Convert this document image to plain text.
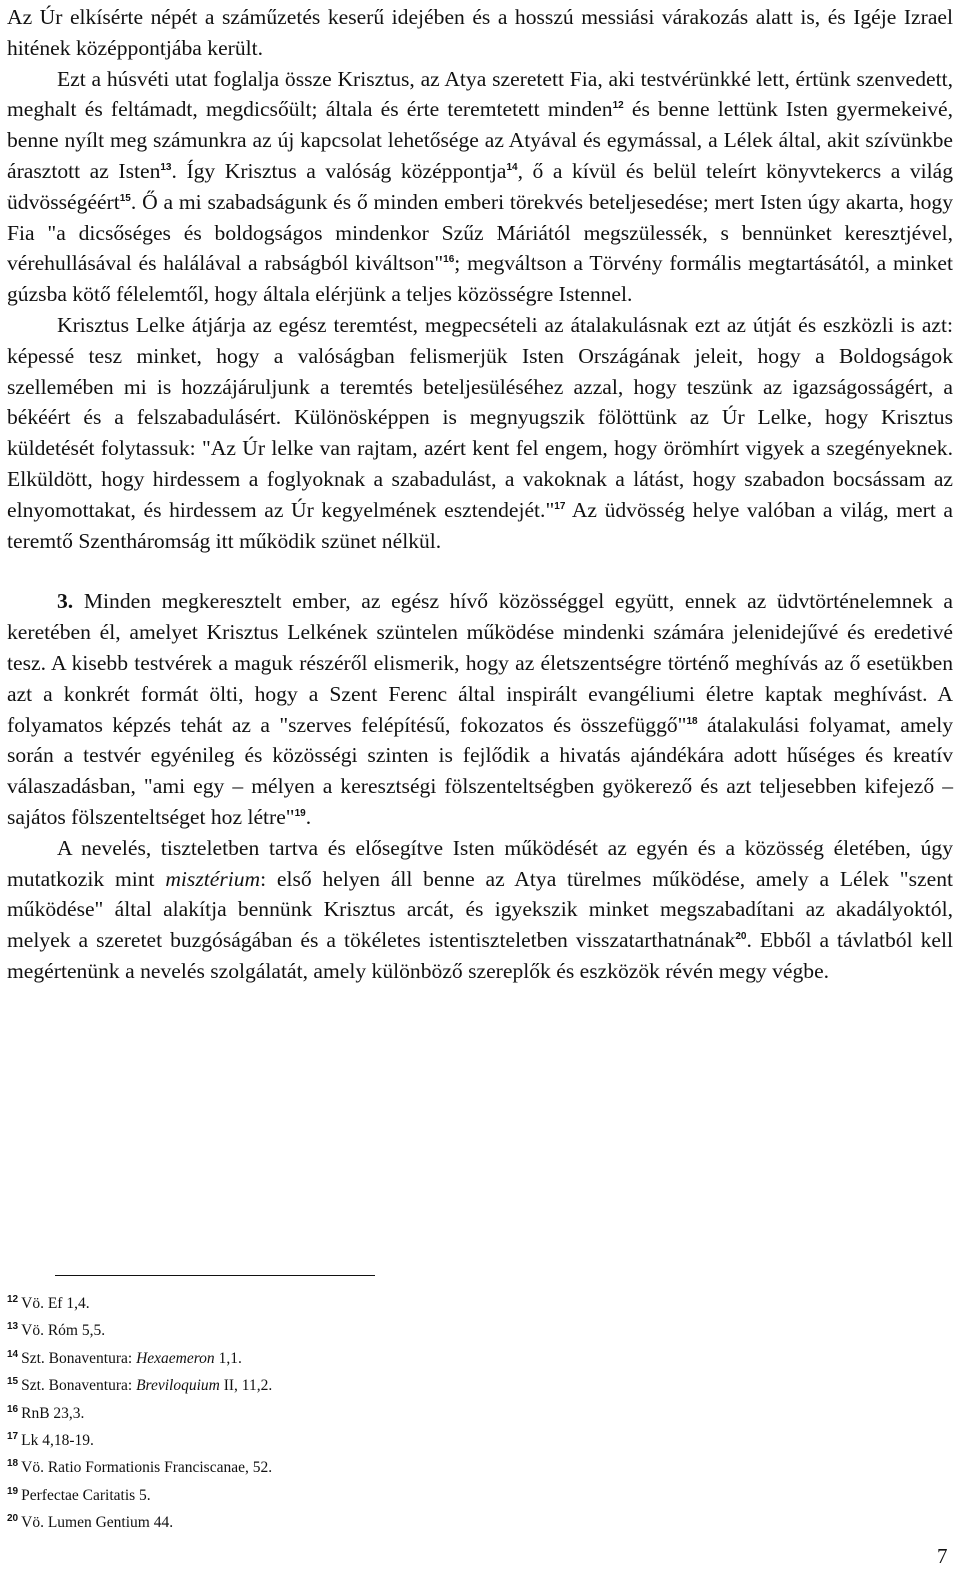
Az Úr elkísérte népét a száműzetés keserű idejében és a hosszú messiási várakozás alatt is, és Igéje Izrael hitének középpontjába került.

Ezt a húsvéti utat foglalja össze Krisztus, az Atya szeretett Fia, aki testvérünkké lett, értünk szenvedett, meghalt és feltámadt, megdicsőült; általa és érte teremtetett minden$^{12}$ és benne lettünk Isten gyermekeivé, benne nyílt meg számunkra az új kapcsolat lehetősége az Atyával és egymással, a Lélek által, akit szívünkbe árasztott az Isten$^{13}$. Így Krisztus a valóság középpontja$^{14}$, ő a kívül és belül teleírt könyvtekercs a világ üdvösségéért$^{15}$. Ő a mi szabadságunk és ő minden emberi törekvés beteljesedése; mert Isten úgy akarta, hogy Fia "a dicsőséges és boldogságos mindenkor Szűz Máriától megszülessék, s bennünket keresztjével, vérehullásával és halálával a rabságból kiváltson"$^{16}$; megváltson a Törvény formális megtartásától, a minket gúzsba kötő félelemtől, hogy általa elérjünk a teljes közösségre Istennel.

Krisztus Lelke átjárja az egész teremtést, megpecsételi az átalakulásnak ezt az útját és eszközli is azt: képessé tesz minket, hogy a valóságban felismerjük Isten Országának jeleit, hogy a Boldogságok szellemében mi is hozzájáruljunk a teremtés beteljesüléséhez azzal, hogy teszünk az igazságosságért, a békéért és a felszabadulásért. Különösképpen is megnyugszik fölöttünk az Úr Lelke, hogy Krisztus küldetését folytassuk: "Az Úr lelke van rajtam, azért kent fel engem, hogy örömhírt vigyek a szegényeknek. Elküldött, hogy hirdessem a foglyoknak a szabadulást, a vakoknak a látást, hogy szabadon bocsássam az elnyomottakat, és hirdessem az Úr kegyelmének esztendejét."$^{17}$ Az üdvösség helye valóban a világ, mert a teremtő Szentháromság itt működik szünet nélkül.

3. Minden megkeresztelt ember, az egész hívő közösséggel együtt, ennek az üdvtörténelemnek a keretében él, amelyet Krisztus Lelkének szüntelen működése mindenki számára jelenidejűvé és eredetivé tesz. A kisebb testvérek a maguk részéről elismerik, hogy az életszentségre történő meghívás az ő esetükben azt a konkrét formát ölti, hogy a Szent Ferenc által inspirált evangéliumi életre kaptak meghívást. A folyamatos képzés tehát az a "szerves felépítésű, fokozatos és összefüggő"$^{18}$ átalakulási folyamat, amely során a testvér egyénileg és közösségi szinten is fejlődik a hivatás ajándékára adott hűséges és kreatív válaszadásban, "ami egy – mélyen a keresztségi fölszenteltségben gyökerező és azt teljesebben kifejező – sajátos fölszenteltséget hoz létre"$^{19}$.

A nevelés, tiszteletben tartva és elősegítve Isten működését az egyén és a közösség életében, úgy mutatkozik mint misztérium: első helyen áll benne az Atya türelmes működése, amely a Lélek "szent működése" által alakítja bennünk Krisztus arcát, és igyekszik minket megszabadítani az akadályoktól, melyek a szeretet buzgóságában és a tökéletes istentiszteletben visszatarthatnának$^{20}$. Ebből a távlatból kell megértenünk a nevelés szolgálatát, amely különböző szereplők és eszközök révén megy végbe.

$^{12}$ Vö. Ef 1,4.
$^{13}$ Vö. Róm 5,5.
$^{14}$ Szt. Bonaventura: Hexaemeron 1,1.
$^{15}$ Szt. Bonaventura: Breviloquium II, 11,2.
$^{16}$ RnB 23,3.
$^{17}$ Lk 4,18-19.
$^{18}$ Vö. Ratio Formationis Franciscanae, 52.
$^{19}$ Perfectae Caritatis 5.
$^{20}$ Vö. Lumen Gentium 44.
7
